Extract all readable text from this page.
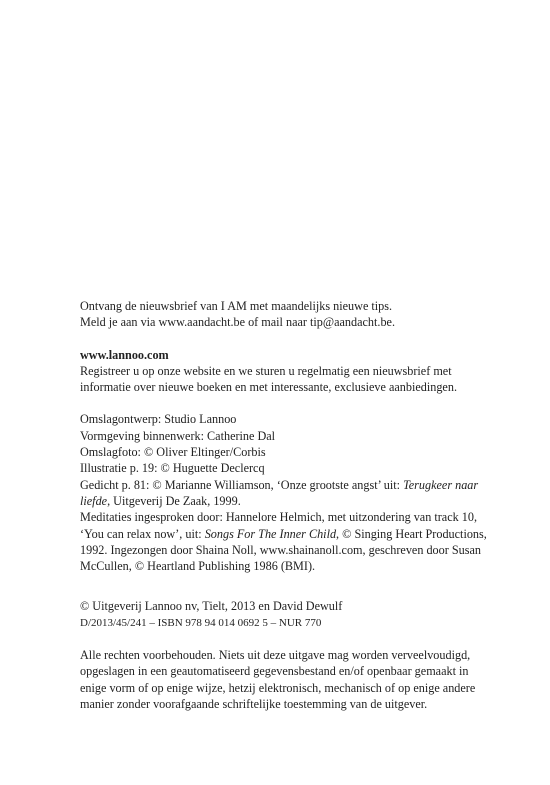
Ontvang de nieuwsbrief van I AM met maandelijks nieuwe tips.
Meld je aan via www.aandacht.be of mail naar tip@aandacht.be.
www.lannoo.com
Registreer u op onze website en we sturen u regelmatig een nieuwsbrief met
informatie over nieuwe boeken en met interessante, exclusieve aanbiedingen.
Omslagontwerp: Studio Lannoo
Vormgeving binnenwerk: Catherine Dal
Omslagfoto: © Oliver Eltinger/Corbis
Illustratie p. 19: © Huguette Declercq
Gedicht p. 81: © Marianne Williamson, ‘Onze grootste angst’ uit: Terugkeer naar
liefde, Uitgeverij De Zaak, 1999.
Meditaties ingesproken door: Hannelore Helmich, met uitzondering van track 10,
‘You can relax now’, uit: Songs For The Inner Child, © Singing Heart Productions,
1992. Ingezongen door Shaina Noll, www.shainanoll.com, geschreven door Susan
McCullen, © Heartland Publishing 1986 (BMI).
© Uitgeverij Lannoo nv, Tielt, 2013 en David Dewulf
D/2013/45/241 – ISBN 978 94 014 0692 5 – NUR 770
Alle rechten voorbehouden. Niets uit deze uitgave mag worden verveelvoudigd,
opgeslagen in een geautomatiseerd gegevensbestand en/of openbaar gemaakt in
enige vorm of op enige wijze, hetzij elektronisch, mechanisch of op enige andere
manier zonder voorafgaande schriftelijke toestemming van de uitgever.
